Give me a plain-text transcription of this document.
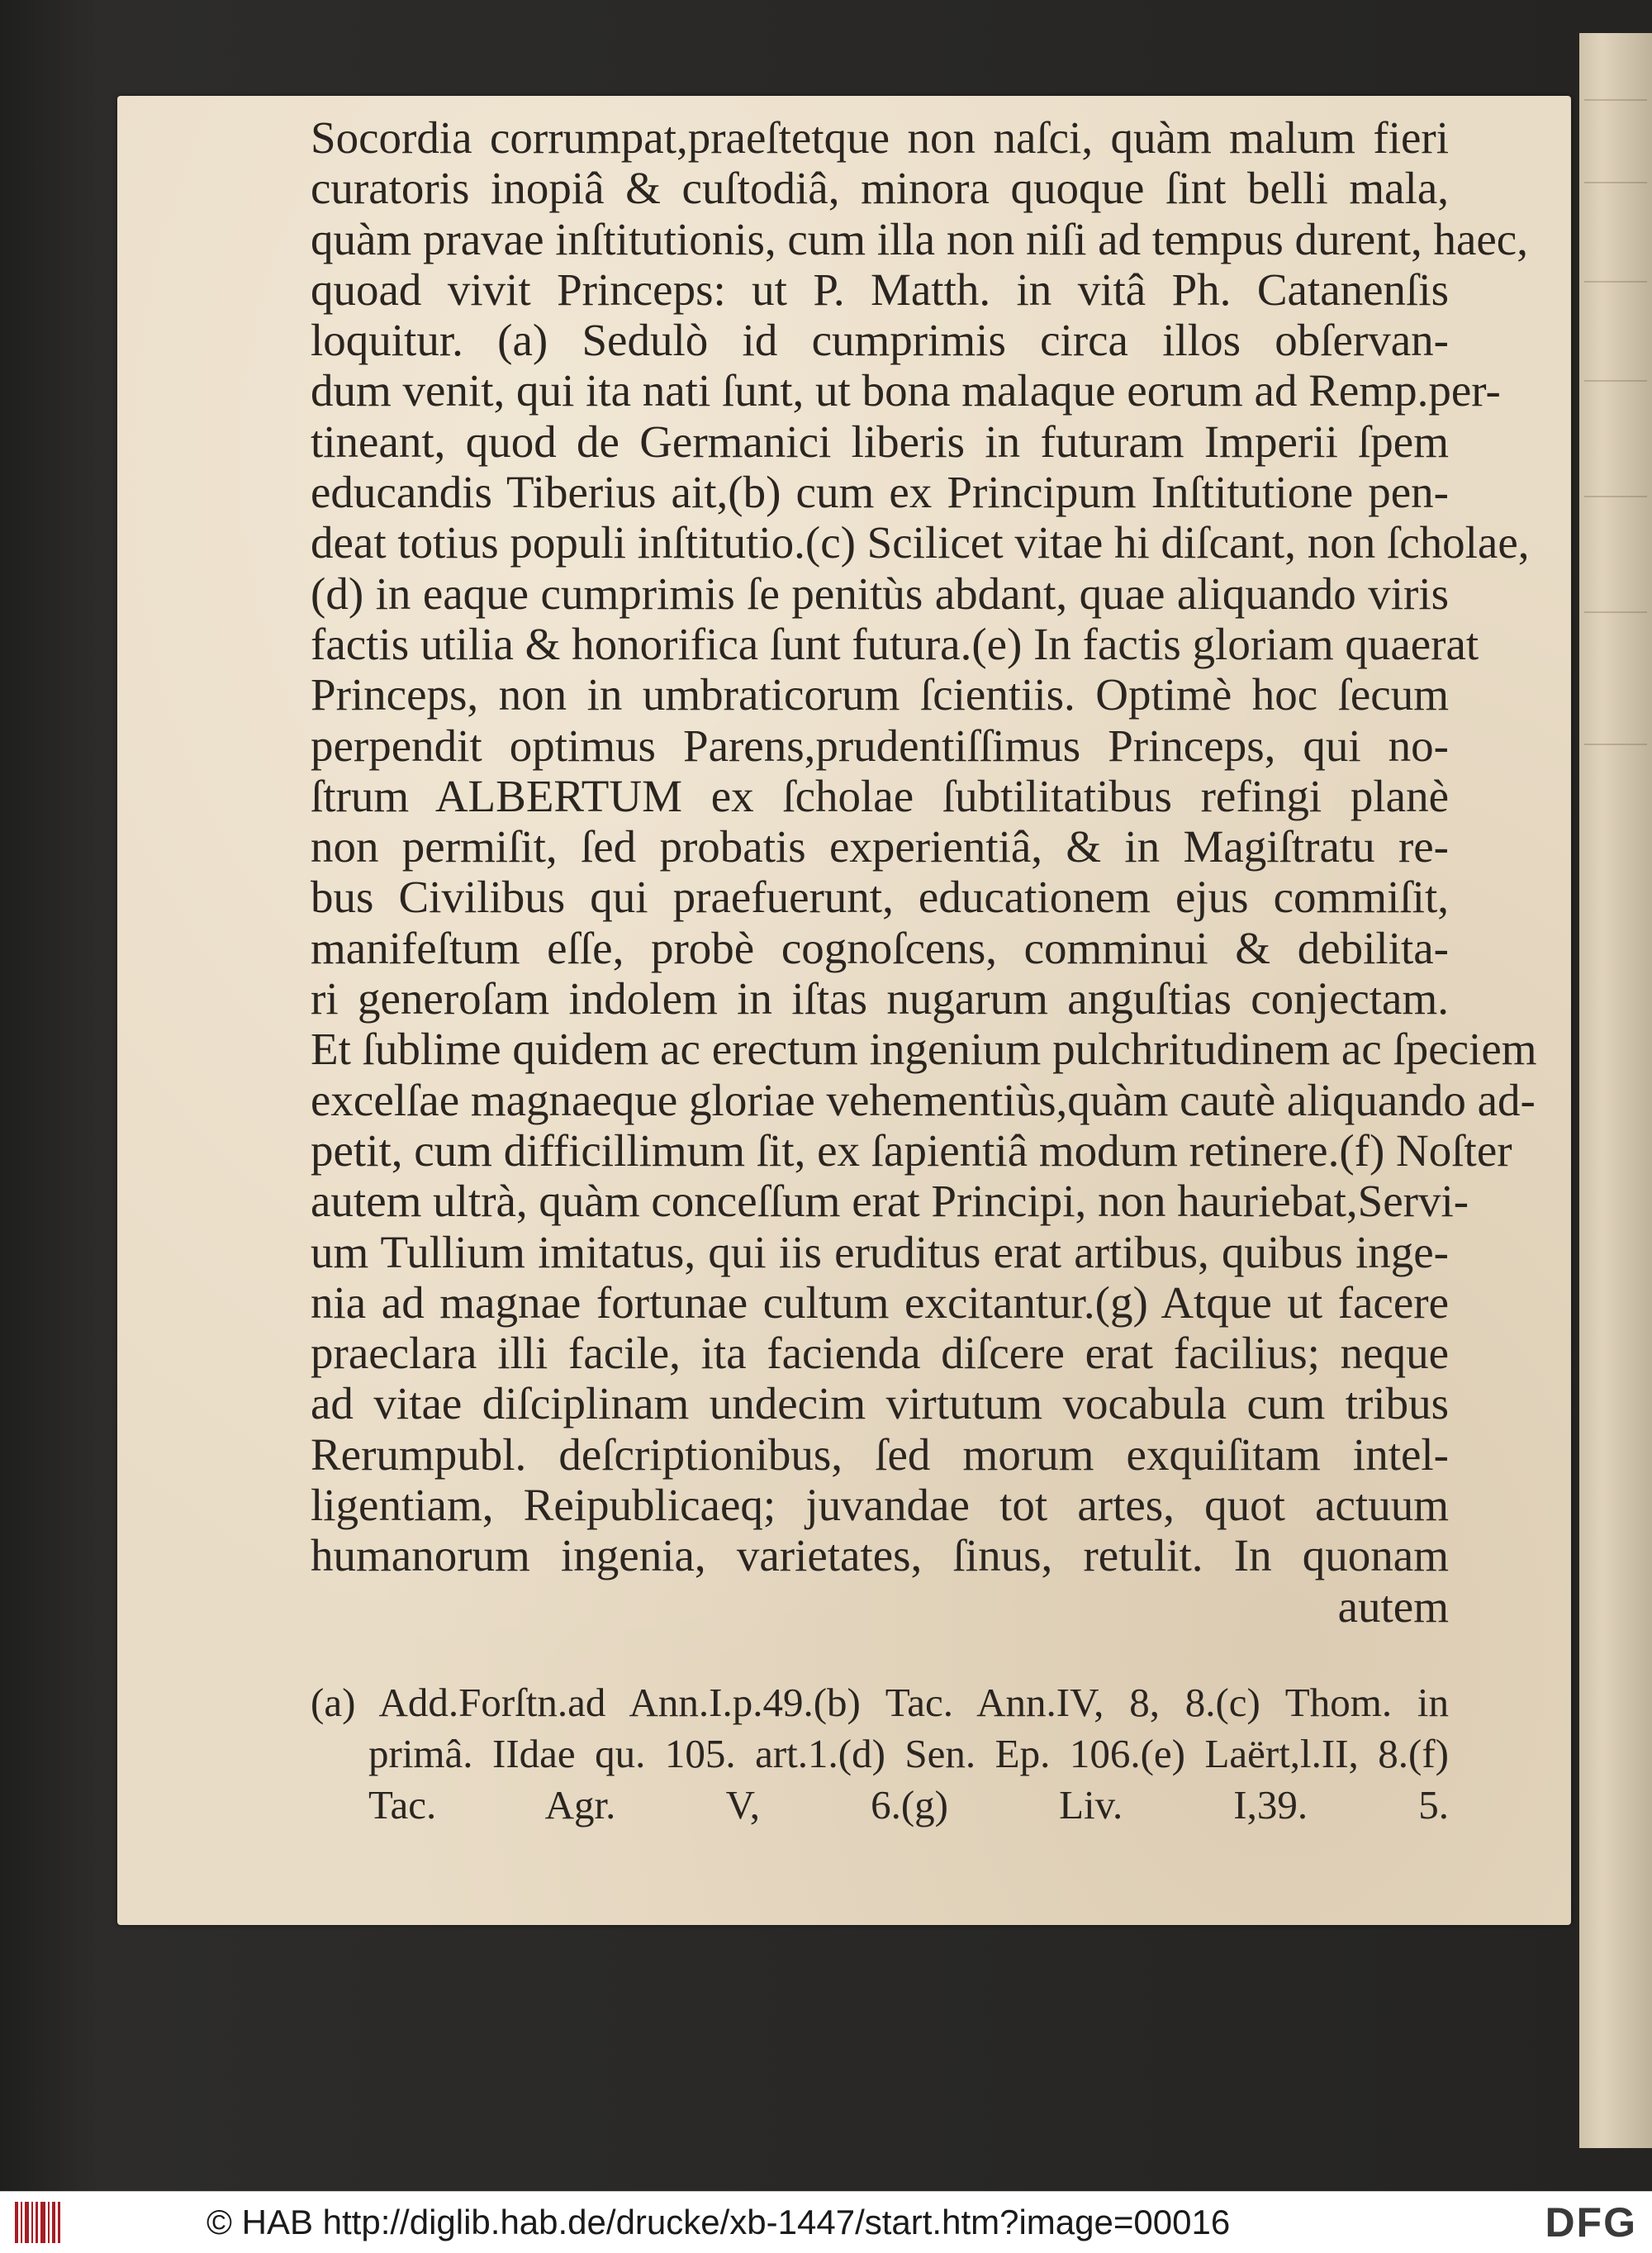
Socordia corrumpat,praeſtetque non naſci, quàm malum fieri
curatoris inopiâ & cuſtodiâ, minora quoque ſint belli mala,
quàm pravae inſtitutionis, cum illa non niſi ad tempus durent, haec,
quoad vivit Princeps: ut P. Matth. in vitâ Ph. Catanenſis
loquitur. (a) Sedulò id cumprimis circa illos obſervan-
dum venit, qui ita nati ſunt, ut bona malaque eorum ad Remp.per-
tineant, quod de Germanici liberis in futuram Imperii ſpem
educandis Tiberius ait,(b) cum ex Principum Inſtitutione pen-
deat totius populi inſtitutio.(c) Scilicet vitae hi diſcant, non ſcholae,
(d) in eaque cumprimis ſe penitùs abdant, quae aliquando viris
factis utilia & honorifica ſunt futura.(e) In factis gloriam quaerat
Princeps, non in umbraticorum ſcientiis. Optimè hoc ſecum
perpendit optimus Parens,prudentiſſimus Princeps, qui no-
ſtrum ALBERTUM ex ſcholae ſubtilitatibus refingi planè
non permiſit, ſed probatis experientiâ, & in Magiſtratu re-
bus Civilibus qui praefuerunt, educationem ejus commiſit,
manifeſtum eſſe, probè cognoſcens, comminui & debilita-
ri generoſam indolem in iſtas nugarum anguſtias conjectam.
Et ſublime quidem ac erectum ingenium pulchritudinem ac ſpeciem
excelſae magnaeque gloriae vehementiùs,quàm cautè aliquando ad-
petit, cum difficillimum ſit, ex ſapientiâ modum retinere.(f) Noſter
autem ultrà, quàm conceſſum erat Principi, non hauriebat,Servi-
um Tullium imitatus, qui iis eruditus erat artibus, quibus inge-
nia ad magnae fortunae cultum excitantur.(g) Atque ut facere
praeclara illi facile, ita facienda diſcere erat facilius; neque
ad vitae diſciplinam undecim virtutum vocabula cum tribus
Rerumpubl. deſcriptionibus, ſed morum exquiſitam intel-
ligentiam, Reipublicaeq; juvandae tot artes, quot actuum
humanorum ingenia, varietates, ſinus, retulit. In quonam
autem
(a) Add.Forſtn.ad Ann.I.p.49.(b) Tac. Ann.IV, 8, 8.(c) Thom. in
primâ. IIdae qu. 105. art.1.(d) Sen. Ep. 106.(e) Laërt,l.II, 8.(f)
Tac. Agr. V, 6.(g) Liv. I,39. 5.
© HAB http://diglib.hab.de/drucke/xb-1447/start.htm?image=00016	DFG
